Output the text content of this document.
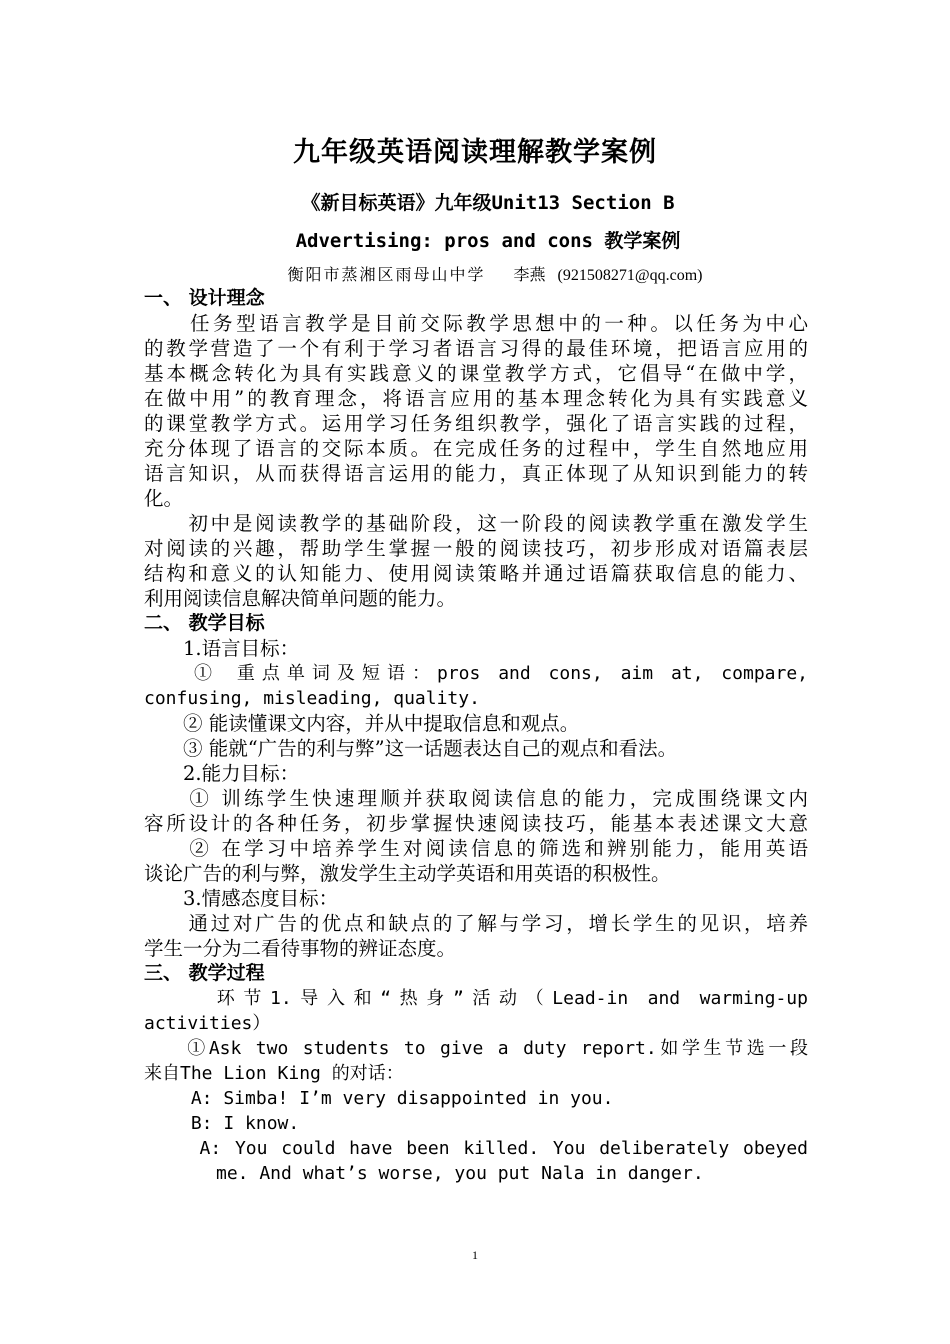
九年级英语阅读理解教学案例
《新目标英语》九年级Unit13 Section B
Advertising: pros and cons 教学案例
衡阳市蒸湘区雨母山中学 李燕 (921508271@qq.com)
一、 设计理念
　　任务型语言教学是目前交际教学思想中的一种。以任务为中心
的教学营造了一个有利于学习者语言习得的最佳环境，把语言应用的
基本概念转化为具有实践意义的课堂教学方式，它倡导“在做中学，
在做中用”的教育理念，将语言应用的基本理念转化为具有实践意义
的课堂教学方式。运用学习任务组织教学，强化了语言实践的过程，
充分体现了语言的交际本质。在完成任务的过程中，学生自然地应用
语言知识，从而获得语言运用的能力，真正体现了从知识到能力的转
化。
　　初中是阅读教学的基础阶段，这一阶段的阅读教学重在激发学生
对阅读的兴趣，帮助学生掌握一般的阅读技巧，初步形成对语篇表层
结构和意义的认知能力、使用阅读策略并通过语篇获取信息的能力、
利用阅读信息解决简单问题的能力。
二、 教学目标
　　1.语言目标：
　　① 重点单词及短语：pros and cons, aim at, compare,
confusing, misleading, quality.
　　② 能读懂课文内容，并从中提取信息和观点。
　　③ 能就“广告的利与弊”这一话题表达自己的观点和看法。
　　2.能力目标：
　　① 训练学生快速理顺并获取阅读信息的能力，完成围绕课文内
容所设计的各种任务，初步掌握快速阅读技巧，能基本表述课文大意
　　② 在学习中培养学生对阅读信息的筛选和辨别能力，能用英语
谈论广告的利与弊，激发学生主动学英语和用英语的积极性。
　　3.情感态度目标：
　　通过对广告的优点和缺点的了解与学习，增长学生的见识，培养
学生一分为二看待事物的辨证态度。
三、 教学过程
　　 环节1.导入和“热身”活动（Lead-in and warming-up
activities）
　　①Ask two students to give a duty report.如学生节选一段
来自The Lion King 的对话：
　　 A: Simba! I’m very disappointed in you.
　　 B: I know.
　　 A: You could have been killed. You deliberately obeyed
　　　　me. And what’s worse, you put Nala in danger.
1
